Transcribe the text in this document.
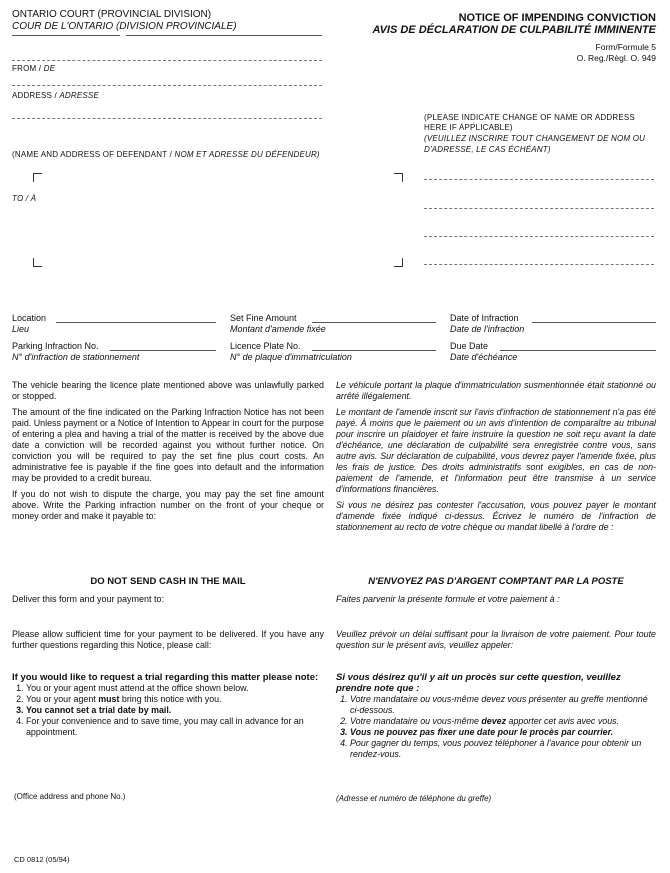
ONTARIO COURT (PROVINCIAL DIVISION)
COUR DE L'ONTARIO (DIVISION PROVINCIALE)
NOTICE OF IMPENDING CONVICTION
AVIS DE DÉCLARATION DE CULPABILITÉ IMMINENTE
Form/Formule 5
O. Reg./Règl. O. 949
FROM / DE
ADDRESS / ADRESSE
(NAME AND ADDRESS OF DEFENDANT / NOM ET ADRESSE DU DÉFENDEUR)
TO / À
(PLEASE INDICATE CHANGE OF NAME OR ADDRESS
HERE IF APPLICABLE)
(VEUILLEZ INSCRIRE TOUT CHANGEMENT DE NOM OU
D'ADRESSE, LE CAS ÉCHÉANT)
Location
Lieu
Set Fine Amount
Montant d'amende fixée
Date of Infraction
Date de l'infraction
Parking Infraction No.
N° d'infraction de stationnement
Licence Plate No.
N° de plaque d'immatriculation
Due Date
Date d'échéance

The vehicle bearing the licence plate mentioned above was unlawfully parked or stopped.

The amount of the fine indicated on the Parking Infraction Notice has not been paid. Unless payment or a Notice of Intention to Appear in court for the purpose of entering a plea and having a trial of the matter is received by the above due date a conviction will be recorded against you without further notice. On conviction you will be required to pay the set fine plus court costs. An administrative fee is payable if the fine goes into default and the information may be provided to a credit bureau.

If you do not wish to dispute the charge, you may pay the set fine amount above. Write the Parking infraction number on the front of your cheque or money order and make it payable to:

Le véhicule portant la plaque d'immatriculation susmentionnée était stationné ou arrêté illégalement.

Le montant de l'amende inscrit sur l'avis d'infraction de stationnement n'a pas été payé. À moins que le paiement ou un avis d'intention de comparaître au tribunal pour inscrire un plaidoyer et faire instruire la question ne soit reçu avant la date d'échéance, une déclaration de culpabilité sera enregistrée contre vous, sans autre avis. Sur déclaration de culpabilité, vous devrez payer l'amende fixée, plus les frais de justice. Des droits administratifs sont exigibles, en cas de non-paiement de l'amende, et l'information peut être transmise à un service d'informations financières.

Si vous ne désirez pas contester l'accusation, vous pouvez payer le montant d'amende fixée indiqué ci-dessus. Écrivez le numéro de l'infraction de stationnement au recto de votre chèque ou mandat libellé à l'ordre de :

DO NOT SEND CASH IN THE MAIL	N'ENVOYEZ PAS D'ARGENT COMPTANT PAR LA POSTE
Deliver this form and your payment to:	Faites parvenir la présente formule et votre paiement à :
Please allow sufficient time for your payment to be delivered. If you have any further questions regarding this Notice, please call:
Veuillez prévoir un délai suffisant pour la livraison de votre paiement. Pour toute question sur le présent avis, veuillez appeler:
If you would like to request a trial regarding this matter please note:
1. You or your agent must attend at the office shown below.
2. You or your agent must bring this notice with you.
3. You cannot set a trial date by mail.
4. For your convenience and to save time, you may call in advance for an appointment.
Si vous désirez qu'il y ait un procès sur cette question, veuillez prendre note que :
1. Votre mandataire ou vous-même devez vous présenter au greffe mentionné ci-dessous.
2. Votre mandataire ou vous-même devez apporter cet avis avec vous.
3. Vous ne pouvez pas fixer une date pour le procès par courrier.
4. Pour gagner du temps, vous pouvez téléphoner à l'avance pour obtenir un rendez-vous.
(Office address and phone No.)	(Adresse et numéro de téléphone du greffe)
CD 0812 (05/94)
